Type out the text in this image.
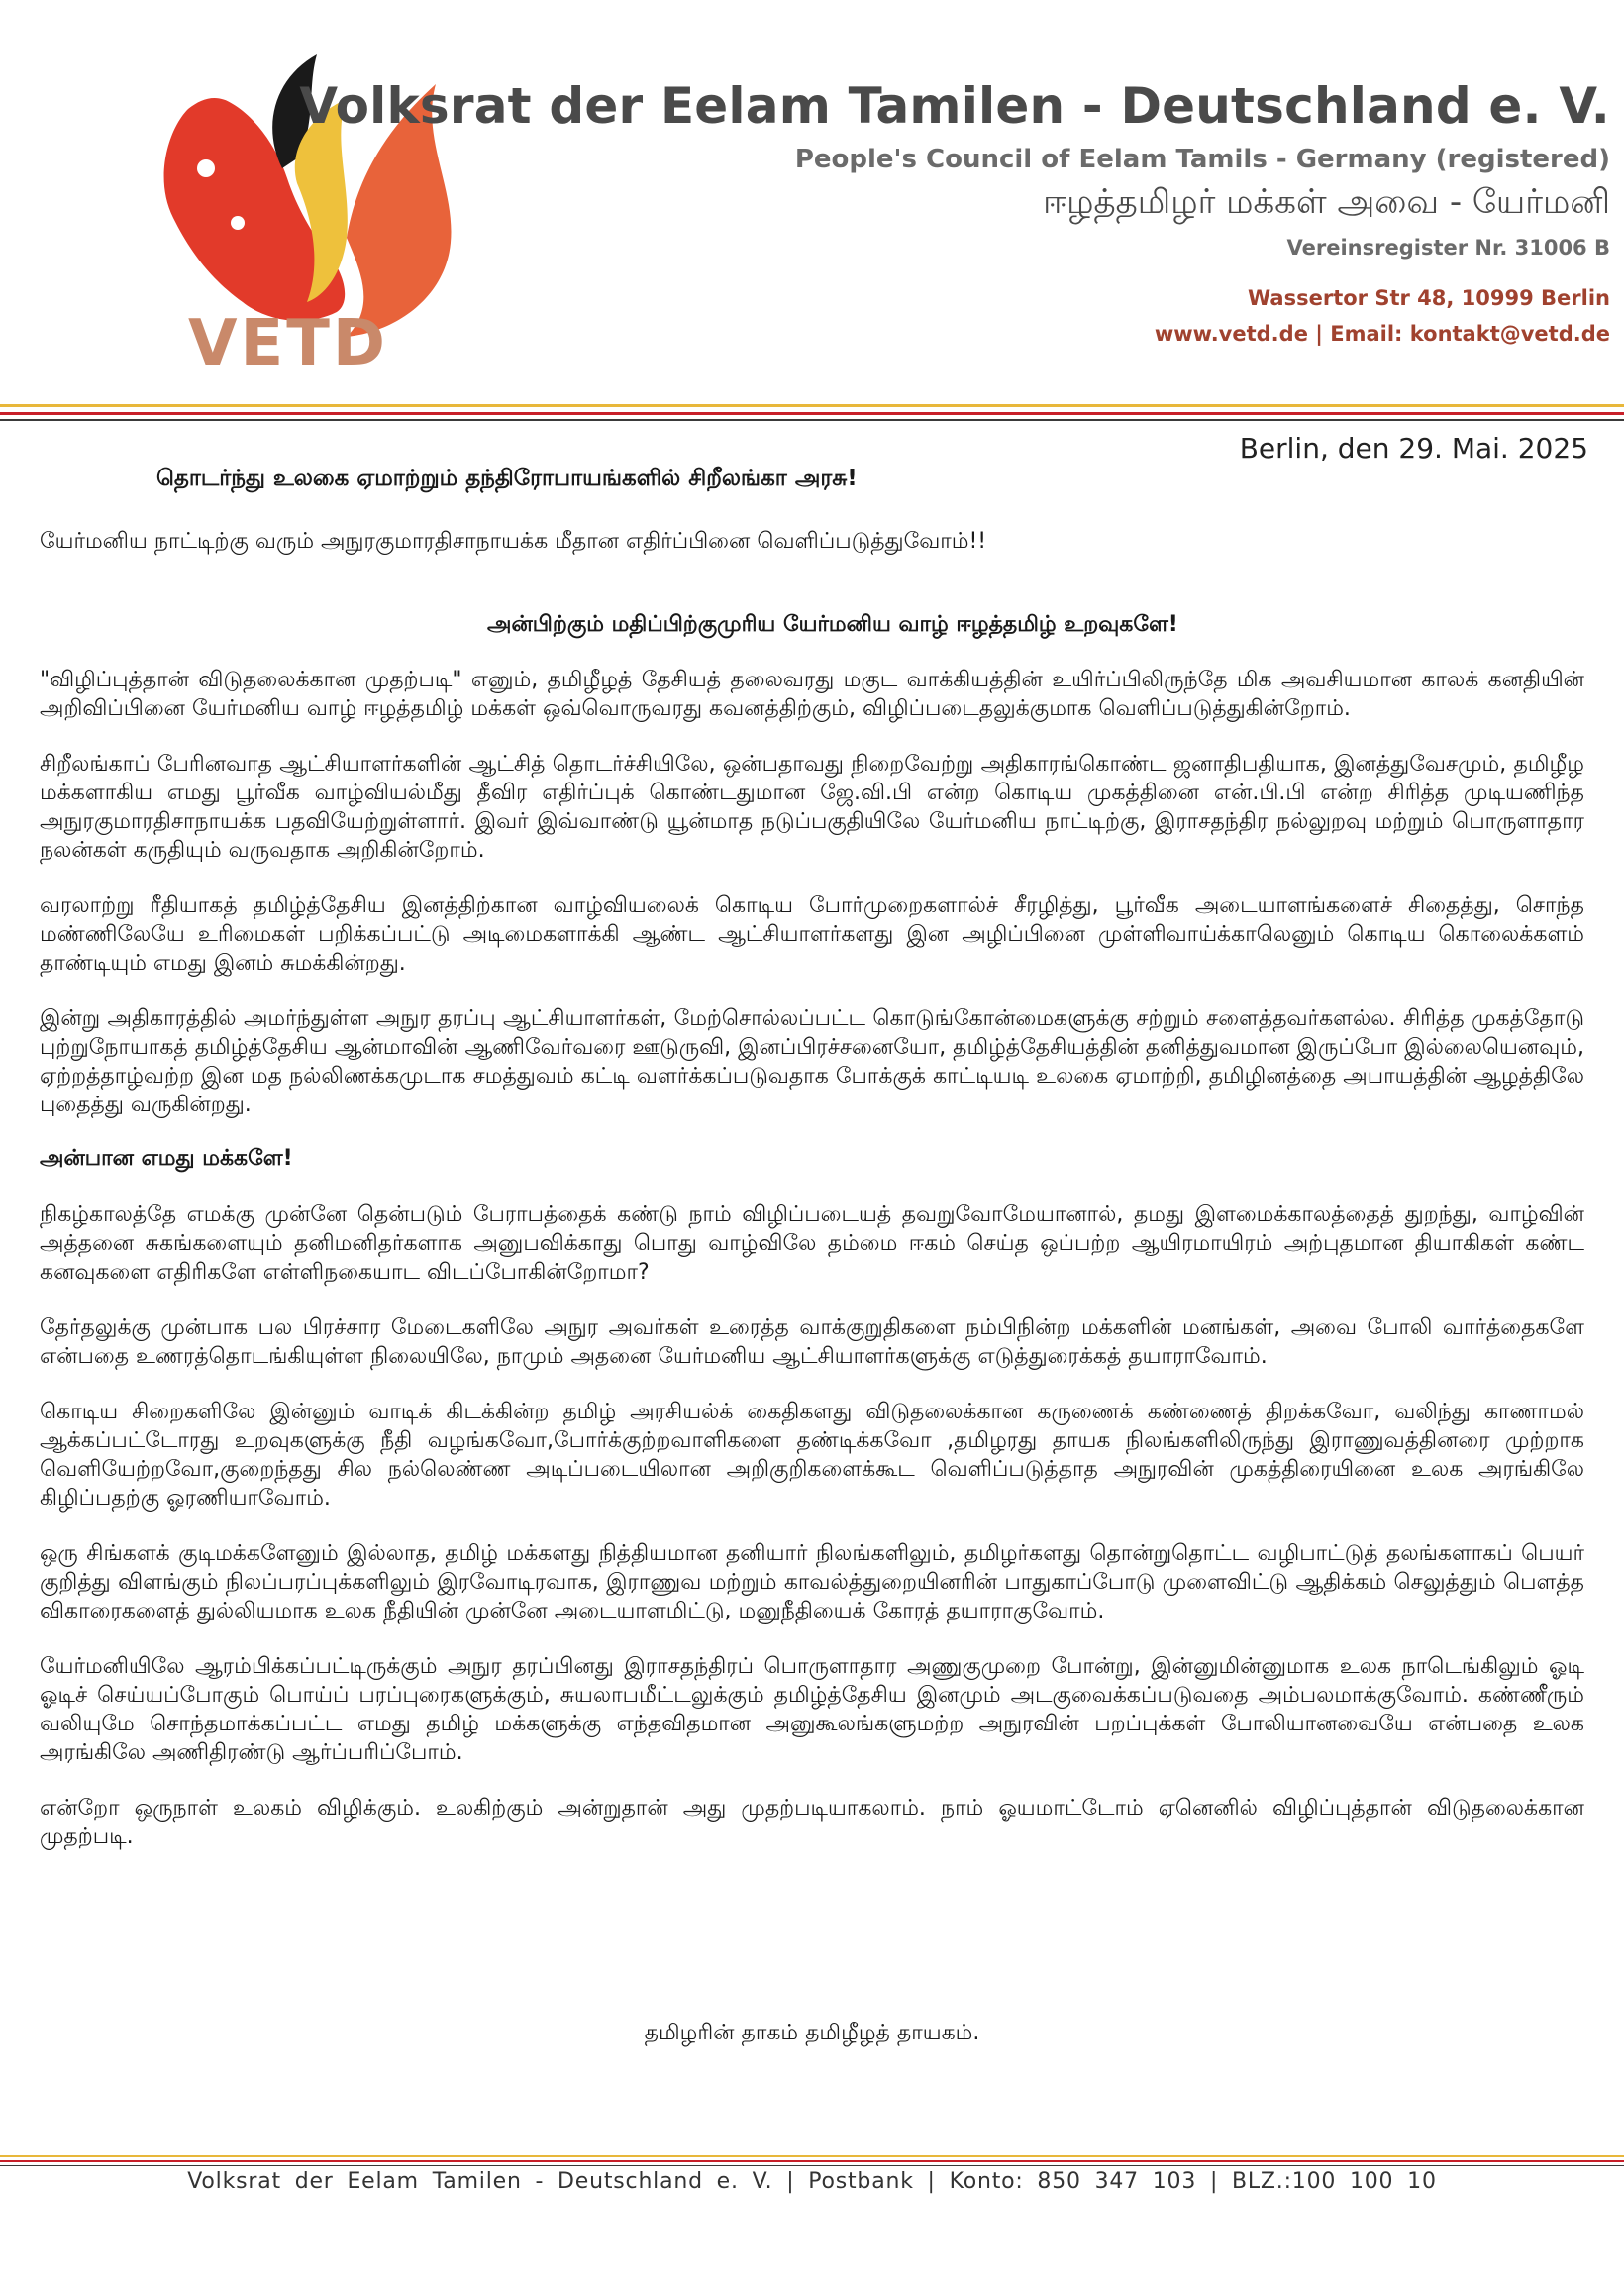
VETD
Volksrat der Eelam Tamilen - Deutschland e. V.
People's Council of Eelam Tamils - Germany (registered)
ஈழத்தமிழர் மக்கள் அவை - யேர்மனி
Vereinsregister Nr. 31006 B
Wassertor Str 48, 10999 Berlin
www.vetd.de | Email: kontakt@vetd.de
Berlin, den 29. Mai. 2025
தொடர்ந்து உலகை ஏமாற்றும் தந்திரோபாயங்களில் சிறீலங்கா அரசு!
யேர்மனிய நாட்டிற்கு வரும் அநுரகுமாரதிசாநாயக்க மீதான எதிர்ப்பினை வெளிப்படுத்துவோம்!!
அன்பிற்கும் மதிப்பிற்குமுரிய யேர்மனிய வாழ் ஈழத்தமிழ் உறவுகளே!

"விழிப்புத்தான் விடுதலைக்கான முதற்படி" எனும், தமிழீழத் தேசியத் தலைவரது மகுட வாக்கியத்தின் உயிர்ப்பிலிருந்தே மிக அவசியமான காலக் கனதியின் அறிவிப்பினை யேர்மனிய வாழ் ஈழத்தமிழ் மக்கள் ஒவ்வொருவரது கவனத்திற்கும், விழிப்படைதலுக்குமாக வெளிப்படுத்துகின்றோம்.

சிறீலங்காப் பேரினவாத ஆட்சியாளர்களின் ஆட்சித் தொடர்ச்சியிலே, ஒன்பதாவது நிறைவேற்று அதிகாரங்கொண்ட ஜனாதிபதியாக, இனத்துவேசமும், தமிழீழ மக்களாகிய எமது பூர்வீக வாழ்வியல்மீது தீவிர எதிர்ப்புக் கொண்டதுமான ஜே.வி.பி என்ற கொடிய முகத்தினை என்.பி.பி என்ற சிரித்த முடியணிந்த அநுரகுமாரதிசாநாயக்க பதவியேற்றுள்ளார். இவர் இவ்வாண்டு யூன்மாத நடுப்பகுதியிலே யேர்மனிய நாட்டிற்கு, இராசதந்திர நல்லுறவு மற்றும் பொருளாதார நலன்கள் கருதியும் வருவதாக அறிகின்றோம்.

வரலாற்று ரீதியாகத் தமிழ்த்தேசிய இனத்திற்கான வாழ்வியலைக் கொடிய போர்முறைகளால்ச் சீரழித்து, பூர்வீக அடையாளங்களைச் சிதைத்து, சொந்த மண்ணிலேயே உரிமைகள் பறிக்கப்பட்டு அடிமைகளாக்கி ஆண்ட ஆட்சியாளர்களது இன அழிப்பினை முள்ளிவாய்க்காலெனும் கொடிய கொலைக்களம் தாண்டியும் எமது இனம் சுமக்கின்றது.

இன்று அதிகாரத்தில் அமர்ந்துள்ள அநுர தரப்பு ஆட்சியாளர்கள், மேற்சொல்லப்பட்ட கொடுங்கோன்மைகளுக்கு சற்றும் சளைத்தவர்களல்ல. சிரித்த முகத்தோடு புற்றுநோயாகத் தமிழ்த்தேசிய ஆன்மாவின் ஆணிவேர்வரை ஊடுருவி, இனப்பிரச்சனையோ, தமிழ்த்தேசியத்தின் தனித்துவமான இருப்போ இல்லையெனவும், ஏற்றத்தாழ்வற்ற இன மத நல்லிணக்கமுடாக சமத்துவம் கட்டி வளர்க்கப்படுவதாக போக்குக் காட்டியடி உலகை ஏமாற்றி, தமிழினத்தை அபாயத்தின் ஆழத்திலே புதைத்து வருகின்றது.

அன்பான எமது மக்களே!

நிகழ்காலத்தே எமக்கு முன்னே தென்படும் பேராபத்தைக் கண்டு நாம் விழிப்படையத் தவறுவோமேயானால், தமது இளமைக்காலத்தைத் துறந்து, வாழ்வின் அத்தனை சுகங்களையும் தனிமனிதர்களாக அனுபவிக்காது பொது வாழ்விலே தம்மை ஈகம் செய்த ஒப்பற்ற ஆயிரமாயிரம் அற்புதமான தியாகிகள் கண்ட கனவுகளை எதிரிகளே எள்ளிநகையாட விடப்போகின்றோமா?

தேர்தலுக்கு முன்பாக பல பிரச்சார மேடைகளிலே அநுர அவர்கள் உரைத்த வாக்குறுதிகளை நம்பிநின்ற மக்களின் மனங்கள், அவை போலி வார்த்தைகளே என்பதை உணரத்தொடங்கியுள்ள நிலையிலே, நாமும் அதனை யேர்மனிய ஆட்சியாளர்களுக்கு எடுத்துரைக்கத் தயாராவோம்.

கொடிய சிறைகளிலே இன்னும் வாடிக் கிடக்கின்ற தமிழ் அரசியல்க் கைதிகளது விடுதலைக்கான கருணைக் கண்ணைத் திறக்கவோ, வலிந்து காணாமல் ஆக்கப்பட்டோரது உறவுகளுக்கு நீதி வழங்கவோ,போர்க்குற்றவாளிகளை தண்டிக்கவோ ,தமிழரது தாயக நிலங்களிலிருந்து இராணுவத்தினரை முற்றாக வெளியேற்றவோ,குறைந்தது சில நல்லெண்ண அடிப்படையிலான அறிகுறிகளைக்கூட வெளிப்படுத்தாத அநுரவின் முகத்திரையினை உலக அரங்கிலே கிழிப்பதற்கு ஓரணியாவோம்.

ஒரு சிங்களக் குடிமக்களேனும் இல்லாத, தமிழ் மக்களது நித்தியமான தனியார் நிலங்களிலும், தமிழர்களது தொன்றுதொட்ட வழிபாட்டுத் தலங்களாகப் பெயர் குறித்து விளங்கும் நிலப்பரப்புக்களிலும் இரவோடிரவாக, இராணுவ மற்றும் காவல்த்துறையினரின் பாதுகாப்போடு முளைவிட்டு ஆதிக்கம் செலுத்தும் பௌத்த விகாரைகளைத் துல்லியமாக உலக நீதியின் முன்னே அடையாளமிட்டு, மனுநீதியைக் கோரத் தயாராகுவோம்.

யேர்மனியிலே ஆரம்பிக்கப்பட்டிருக்கும் அநுர தரப்பினது இராசதந்திரப் பொருளாதார அணுகுமுறை போன்று, இன்னுமின்னுமாக உலக நாடெங்கிலும் ஓடி ஓடிச் செய்யப்போகும் பொய்ப் பரப்புரைகளுக்கும், சுயலாபமீட்டலுக்கும் தமிழ்த்தேசிய இனமும் அடகுவைக்கப்படுவதை அம்பலமாக்குவோம். கண்ணீரும் வலியுமே சொந்தமாக்கப்பட்ட எமது தமிழ் மக்களுக்கு எந்தவிதமான அனுகூலங்களுமற்ற அநுரவின் பறப்புக்கள் போலியானவையே என்பதை உலக அரங்கிலே அணிதிரண்டு ஆர்ப்பரிப்போம்.

என்றோ ஒருநாள் உலகம் விழிக்கும். உலகிற்கும் அன்றுதான் அது முதற்படியாகலாம். நாம் ஓயமாட்டோம் ஏனெனில் விழிப்புத்தான் விடுதலைக்கான முதற்படி.

தமிழரின் தாகம் தமிழீழத் தாயகம்.
Volksrat der Eelam Tamilen - Deutschland e. V. | Postbank | Konto: 850 347 103 | BLZ.:100 100 10
